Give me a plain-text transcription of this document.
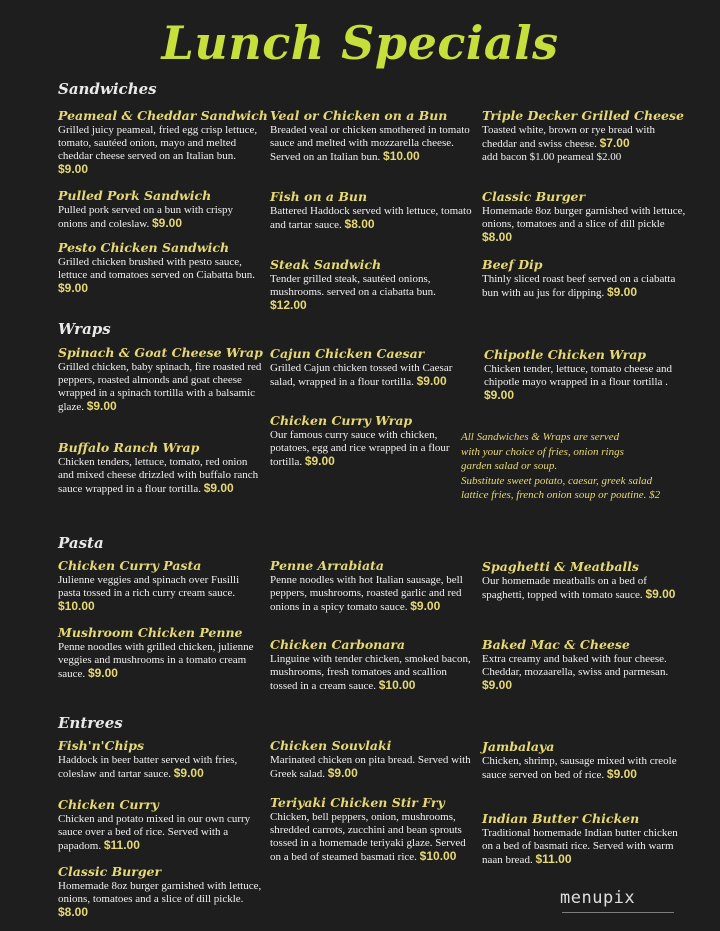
Lunch Specials
Sandwiches
Wraps
Pasta
Entrees
Peameal & Cheddar Sandwich
Grilled juicy peameal, fried egg crisp lettuce, tomato, sautéed onion, mayo and melted cheddar cheese served on an Italian bun. $9.00
Pulled Pork Sandwich
Pulled pork served on a bun with crispy onions and coleslaw. $9.00
Pesto Chicken Sandwich
Grilled chicken brushed with pesto sauce, lettuce and tomatoes served on Ciabatta bun. $9.00
Veal or Chicken on a Bun
Breaded veal or chicken smothered in tomato sauce and melted with mozzarella cheese. Served on an Italian bun. $10.00
Fish on a Bun
Battered Haddock served with lettuce, tomato and tartar sauce. $8.00
Steak Sandwich
Tender grilled steak, sautéed onions, mushrooms. served on a ciabatta bun. $12.00
Triple Decker Grilled Cheese
Toasted white, brown or rye bread with cheddar and swiss cheese. $7.00
add bacon $1.00 peameal $2.00
Classic Burger
Homemade 8oz burger garnished with lettuce, onions, tomatoes and a slice of dill pickle $8.00
Beef Dip
Thinly sliced roast beef served on a ciabatta bun with au jus for dipping. $9.00
Spinach & Goat Cheese Wrap
Grilled chicken, baby spinach, fire roasted red peppers, roasted almonds and goat cheese wrapped in a spinach tortilla with a balsamic glaze. $9.00
Buffalo Ranch Wrap
Chicken tenders, lettuce, tomato, red onion and mixed cheese drizzled with buffalo ranch sauce wrapped in a flour tortilla. $9.00
Cajun Chicken Caesar
Grilled Cajun chicken tossed with Caesar salad, wrapped in a flour tortilla. $9.00
Chicken Curry Wrap
Our famous curry sauce with chicken, potatoes, egg and rice wrapped in a flour tortilla. $9.00
Chipotle Chicken Wrap
Chicken tender, lettuce, tomato cheese and chipotle mayo wrapped in a flour tortilla . $9.00
All Sandwiches & Wraps are served
with your choice of fries, onion rings
garden salad or soup.
Substitute sweet potato, caesar, greek salad
lattice fries, french onion soup or poutine. $2
Chicken Curry Pasta
Julienne veggies and spinach over Fusilli pasta tossed in a rich curry cream sauce. $10.00
Mushroom Chicken Penne
Penne noodles with grilled chicken, julienne veggies and mushrooms in a tomato cream sauce. $9.00
Penne Arrabiata
Penne noodles with hot Italian sausage, bell peppers, mushrooms, roasted garlic and red onions in a spicy tomato sauce. $9.00
Chicken Carbonara
Linguine with tender chicken, smoked bacon, mushrooms, fresh tomatoes and scallion tossed in a cream sauce. $10.00
Spaghetti & Meatballs
Our homemade meatballs on a bed of spaghetti, topped with tomato sauce. $9.00
Baked Mac & Cheese
Extra creamy and baked with four cheese. Cheddar, mozaarella, swiss and parmesan. $9.00
Fish'n'Chips
Haddock in beer batter served with fries, coleslaw and tartar sauce. $9.00
Chicken Curry
Chicken and potato mixed in our own curry sauce over a bed of rice. Served with a papadom. $11.00
Classic Burger
Homemade 8oz burger garnished with lettuce, onions, tomatoes and a slice of dill pickle. $8.00
Chicken Souvlaki
Marinated chicken on pita bread. Served with Greek salad. $9.00
Teriyaki Chicken Stir Fry
Chicken, bell peppers, onion, mushrooms, shredded carrots, zucchini and bean sprouts tossed in a homemade teriyaki glaze. Served on a bed of steamed basmati rice. $10.00
Jambalaya
Chicken, shrimp, sausage mixed with creole sauce served on bed of rice. $9.00
Indian Butter Chicken
Traditional homemade Indian butter chicken on a bed of basmati rice. Served with warm naan bread. $11.00
menupix
